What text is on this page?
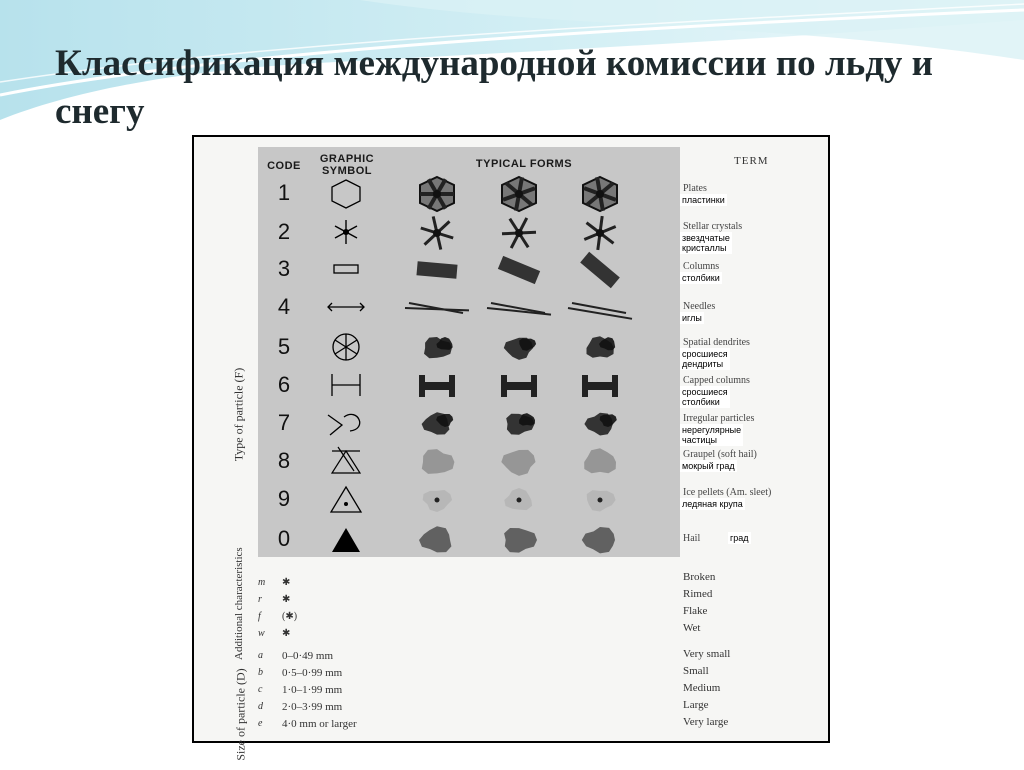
Классификация международной комиссии по льду и снегу
CODE
GRAPHIC
SYMBOL
TYPICAL FORMS	TERM
1	Plates
пластинки
2	Stellar crystals
звездчатые
кристаллы
3	Columns
столбики
4	Needles
иглы
5	Spatial dendrites
сросшиеся
дендриты
6	Capped columns
сросшиеся
столбики
7	Irregular particles
нерегулярные
частицы
8	Graupel (soft hail)
мокрый град
9	Ice pellets (Am. sleet)
ледяная крупа
0	Hail	град
Type of particle (F)
Additional characteristics
Size of particle (D)
m ✱	Broken
r ✱	Rimed
f (✱)	Flake
w ✱	Wet
a 0–0·49 mm	Very small
b 0·5–0·99 mm	Small
c 1·0–1·99 mm	Medium
d 2·0–3·99 mm	Large
e 4·0 mm or larger	Very large
